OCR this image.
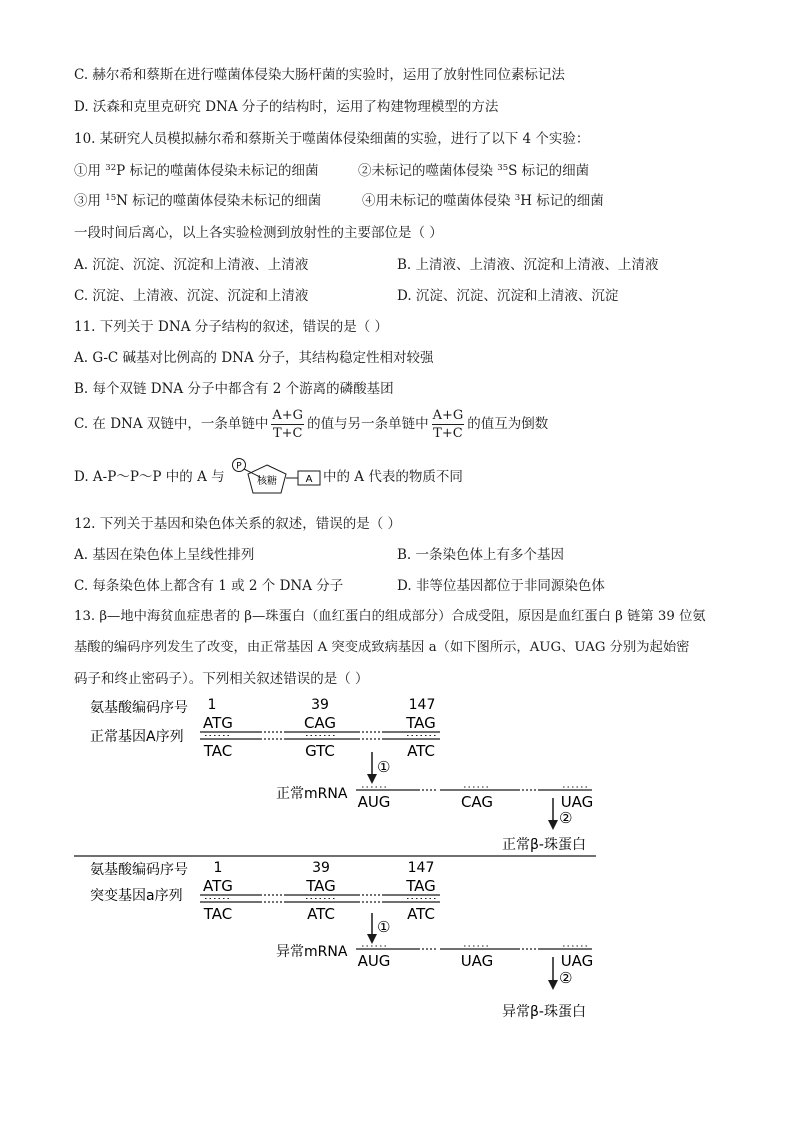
C. 赫尔希和蔡斯在进行噬菌体侵染大肠杆菌的实验时，运用了放射性同位素标记法
D. 沃森和克里克研究 DNA 分子的结构时，运用了构建物理模型的方法
10. 某研究人员模拟赫尔希和蔡斯关于噬菌体侵染细菌的实验，进行了以下 4 个实验：
①用 $^{32}$P 标记的噬菌体侵染未标记的细菌	②未标记的噬菌体侵染 $^{35}$S 标记的细菌
③用 $^{15}$N 标记的噬菌体侵染未标记的细菌	④用未标记的噬菌体侵染 $^3$H 标记的细菌
一段时间后离心，以上各实验检测到放射性的主要部位是（ ）
A. 沉淀、沉淀、沉淀和上清液、上清液	B. 上清液、上清液、沉淀和上清液、上清液
C. 沉淀、上清液、沉淀、沉淀和上清液	D. 沉淀、沉淀、沉淀和上清液、沉淀
11. 下列关于 DNA 分子结构的叙述，错误的是（ ）
A. G-C 碱基对比例高的 DNA 分子，其结构稳定性相对较强
B. 每个双链 DNA 分子中都含有 2 个游离的磷酸基团
C. 在 DNA 双链中，一条单链中 $\frac{A+G}{T+C}$ 的值与另一条单链中 $\frac{A+G}{T+C}$ 的值互为倒数
D. A-P～P～P 中的 A 与
P
核糖	A 中的 A 代表的物质不同
12. 下列关于基因和染色体关系的叙述，错误的是（ ）
A. 基因在染色体上呈线性排列	B. 一条染色体上有多个基因
C. 每条染色体上都含有 1 或 2 个 DNA 分子	D. 非等位基因都位于非同源染色体
13. β—地中海贫血症患者的 β—珠蛋白（血红蛋白的组成部分）合成受阻，原因是血红蛋白 β 链第 39 位氨
基酸的编码序列发生了改变，由正常基因 A 突变成致病基因 a（如下图所示，AUG、UAG 分别为起始密
码子和终止密码子）。下列相关叙述错误的是（ ）
氨基酸编码序号 1	39	147
正常基因A序列
ATG	CAG	TAG
TAC	GTC	ATC
①
正常mRNA AUG	CAG	UAG
②
正常β-珠蛋白
氨基酸编码序号 1	39	147
突变基因a序列
ATG	TAG	TAG
TAC	ATC	ATC
①
异常mRNA AUG	UAG	UAG
②
异常β-珠蛋白
